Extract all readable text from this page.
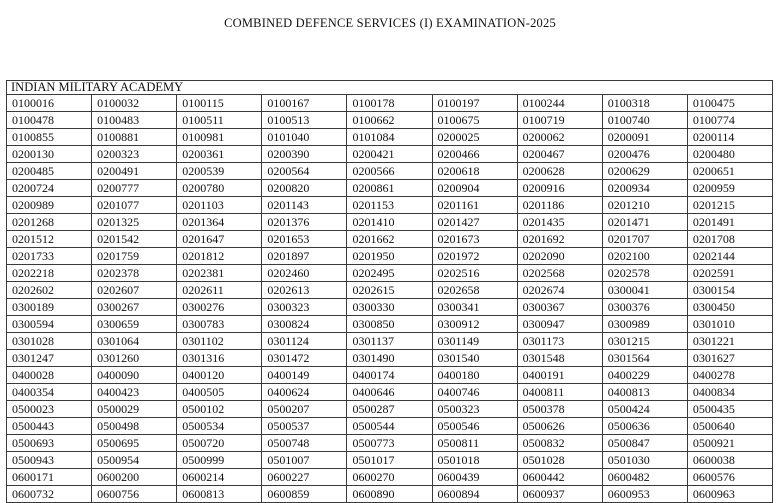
COMBINED DEFENCE SERVICES (I) EXAMINATION-2025
INDIAN MILITARY ACADEMY								
0100016	0100032	0100115	0100167	0100178	0100197	0100244	0100318	0100475
0100478	0100483	0100511	0100513	0100662	0100675	0100719	0100740	0100774
0100855	0100881	0100981	0101040	0101084	0200025	0200062	0200091	0200114
0200130	0200323	0200361	0200390	0200421	0200466	0200467	0200476	0200480
0200485	0200491	0200539	0200564	0200566	0200618	0200628	0200629	0200651
0200724	0200777	0200780	0200820	0200861	0200904	0200916	0200934	0200959
0200989	0201077	0201103	0201143	0201153	0201161	0201186	0201210	0201215
0201268	0201325	0201364	0201376	0201410	0201427	0201435	0201471	0201491
0201512	0201542	0201647	0201653	0201662	0201673	0201692	0201707	0201708
0201733	0201759	0201812	0201897	0201950	0201972	0202090	0202100	0202144
0202218	0202378	0202381	0202460	0202495	0202516	0202568	0202578	0202591
0202602	0202607	0202611	0202613	0202615	0202658	0202674	0300041	0300154
0300189	0300267	0300276	0300323	0300330	0300341	0300367	0300376	0300450
0300594	0300659	0300783	0300824	0300850	0300912	0300947	0300989	0301010
0301028	0301064	0301102	0301124	0301137	0301149	0301173	0301215	0301221
0301247	0301260	0301316	0301472	0301490	0301540	0301548	0301564	0301627
0400028	0400090	0400120	0400149	0400174	0400180	0400191	0400229	0400278
0400354	0400423	0400505	0400624	0400646	0400746	0400811	0400813	0400834
0500023	0500029	0500102	0500207	0500287	0500323	0500378	0500424	0500435
0500443	0500498	0500534	0500537	0500544	0500546	0500626	0500636	0500640
0500693	0500695	0500720	0500748	0500773	0500811	0500832	0500847	0500921
0500943	0500954	0500999	0501007	0501017	0501018	0501028	0501030	0600038
0600171	0600200	0600214	0600227	0600270	0600439	0600442	0600482	0600576
0600732	0600756	0600813	0600859	0600890	0600894	0600937	0600953	0600963
